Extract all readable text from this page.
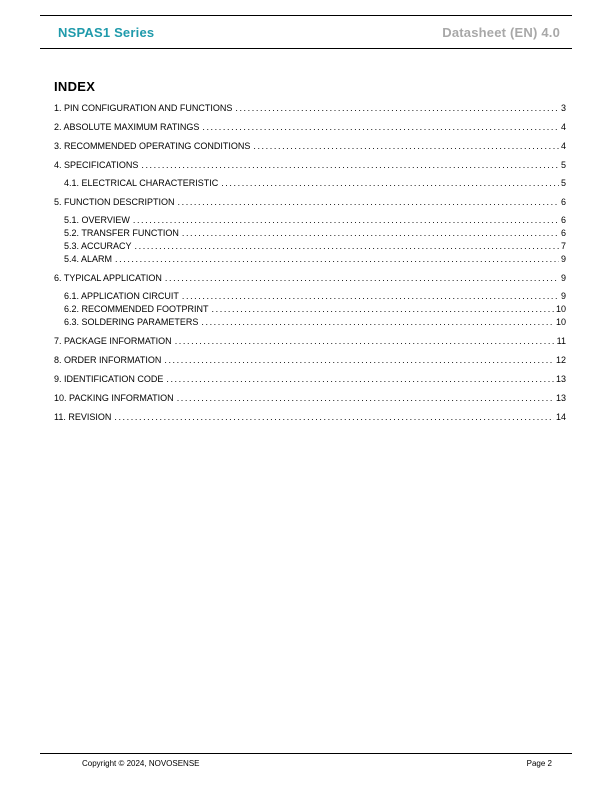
NSPAS1 Series	Datasheet (EN) 4.0
INDEX
1. PIN CONFIGURATION AND FUNCTIONS .....	3
2. ABSOLUTE MAXIMUM RATINGS .....	4
3. RECOMMENDED OPERATING CONDITIONS .....	4
4. SPECIFICATIONS .....	5
4.1. ELECTRICAL CHARACTERISTIC .....	5
5. FUNCTION DESCRIPTION .....	6
5.1. OVERVIEW .....	6
5.2. TRANSFER FUNCTION .....	6
5.3. ACCURACY .....	7
5.4. ALARM .....	9
6. TYPICAL APPLICATION .....	9
6.1. APPLICATION CIRCUIT .....	9
6.2. RECOMMENDED FOOTPRINT .....	10
6.3. SOLDERING PARAMETERS .....	10
7. PACKAGE INFORMATION .....	11
8. ORDER INFORMATION .....	12
9. IDENTIFICATION CODE .....	13
10. PACKING INFORMATION .....	13
11. REVISION .....	14
Copyright © 2024, NOVOSENSE	Page 2
